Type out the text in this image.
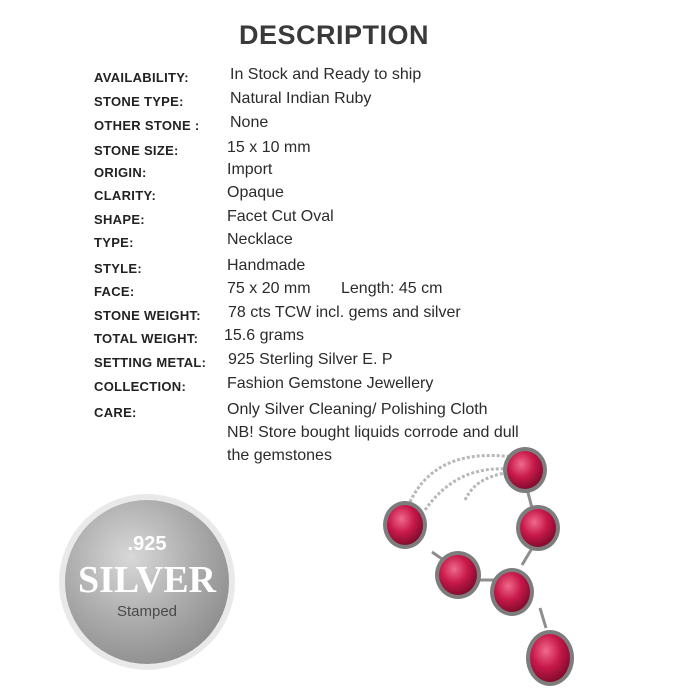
DESCRIPTION
AVAILABILITY:	In Stock and Ready to ship
STONE TYPE:	Natural Indian Ruby
OTHER STONE : None
STONE SIZE:	15 x 10 mm
ORIGIN:	Import
CLARITY:	Opaque
SHAPE:	Facet Cut Oval
TYPE:	Necklace
STYLE:	Handmade
FACE:	75 x 20 mm Length: 45 cm
STONE WEIGHT: 78 cts TCW incl. gems and silver
TOTAL WEIGHT: 15.6 grams
SETTING METAL: 925 Sterling Silver E. P
COLLECTION:	Fashion Gemstone Jewellery
CARE:	Only Silver Cleaning/ Polishing Cloth
NB! Store bought liquids corrode and dull
the gemstones
.925
SILVER
Stamped
